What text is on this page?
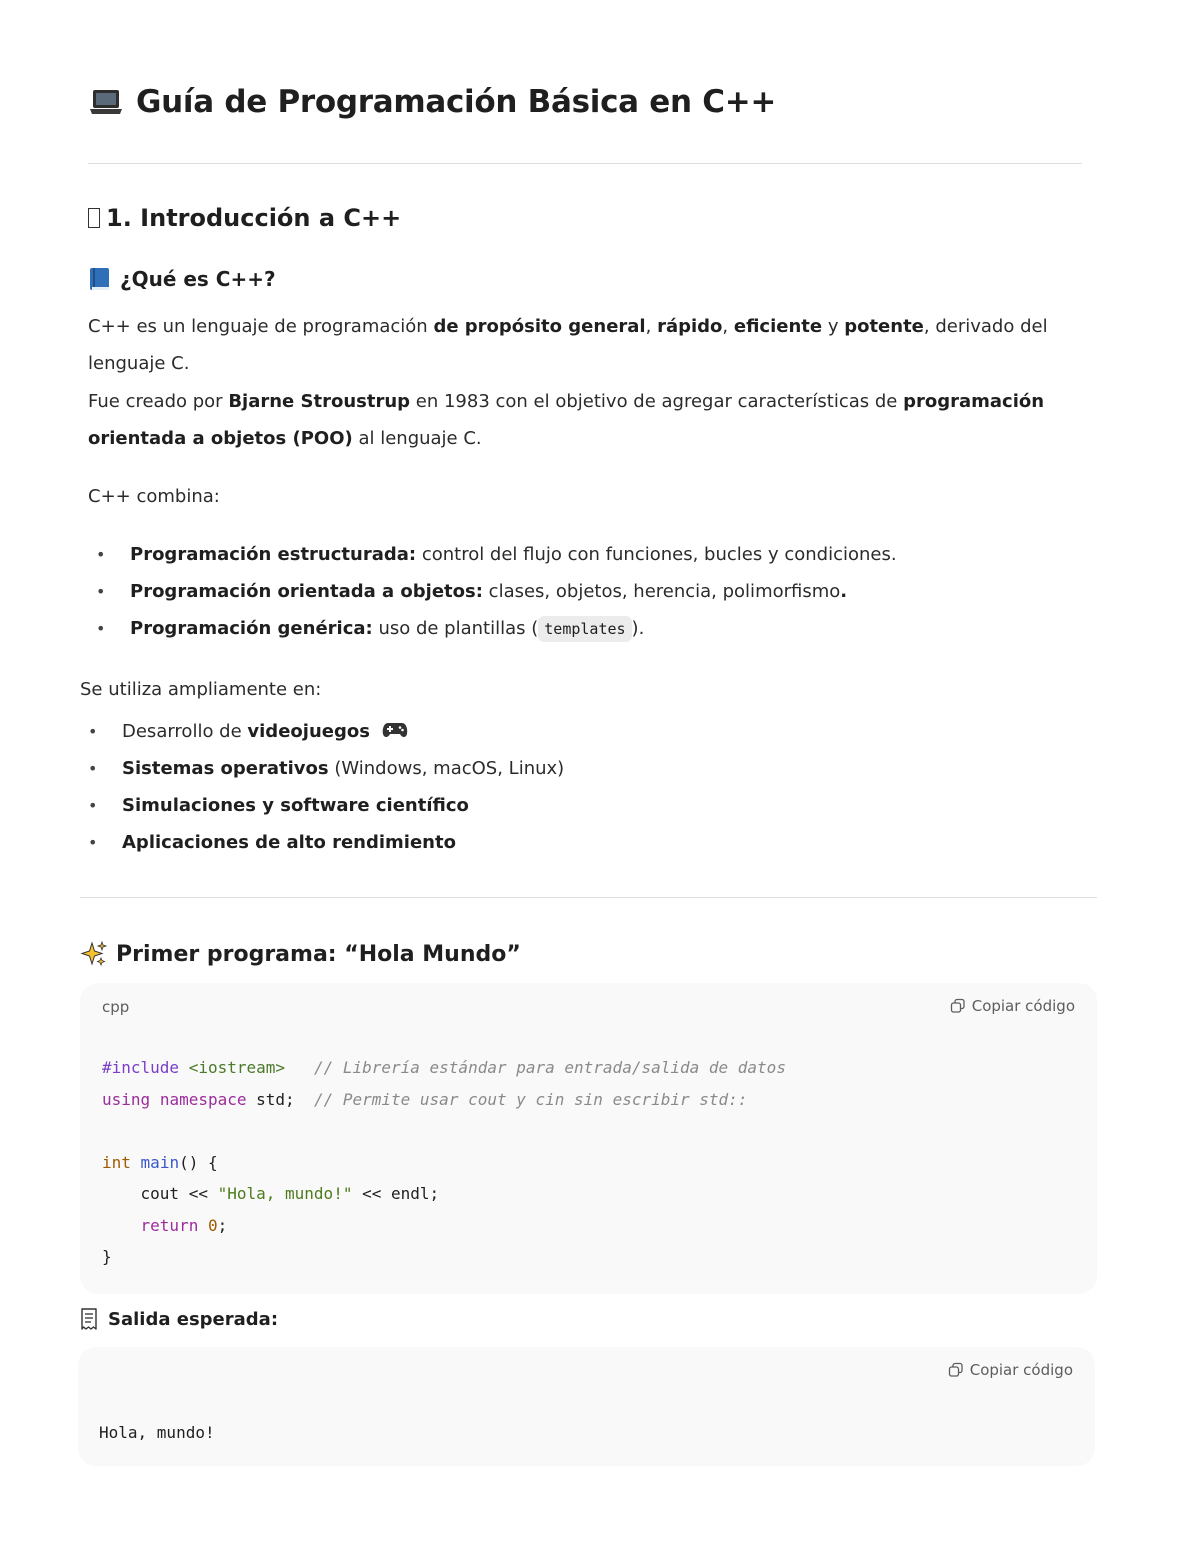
Guía de Programación Básica en C++
1. Introducción a C++
¿Qué es C++?
C++ es un lenguaje de programación de propósito general, rápido, eficiente y potente, derivado del lenguaje C.
Fue creado por Bjarne Stroustrup en 1983 con el objetivo de agregar características de programación orientada a objetos (POO) al lenguaje C.
C++ combina:
• Programación estructurada: control del flujo con funciones, bucles y condiciones.
• Programación orientada a objetos: clases, objetos, herencia, polimorfismo.
• Programación genérica: uso de plantillas ( templates ).
Se utiliza ampliamente en:
• Desarrollo de videojuegos
• Sistemas operativos (Windows, macOS, Linux)
• Simulaciones y software científico
• Aplicaciones de alto rendimiento
Primer programa: “Hola Mundo”
cpp	Copiar código
#include <iostream> // Librería estándar para entrada/salida de datos
using namespace std; // Permite usar cout y cin sin escribir std::

int main() {
cout << "Hola, mundo!" << endl;
return 0;
}
Salida esperada:
Copiar código
Hola, mundo!
